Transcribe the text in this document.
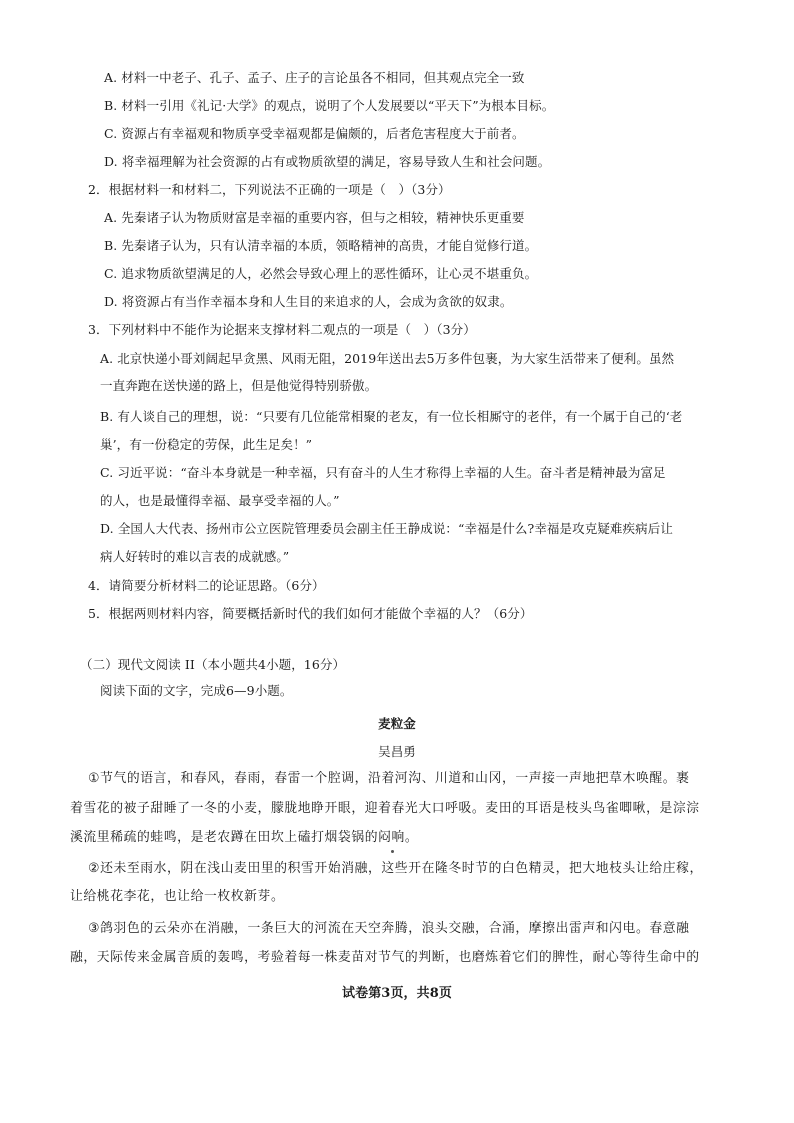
A. 材料一中老子、孔子、孟子、庄子的言论虽各不相同，但其观点完全一致
B. 材料一引用《礼记·大学》的观点，说明了个人发展要以“平天下”为根本目标。
C. 资源占有幸福观和物质享受幸福观都是偏颇的，后者危害程度大于前者。
D. 将幸福理解为社会资源的占有或物质欲望的满足，容易导致人生和社会问题。
2．根据材料一和材料二，下列说法不正确的一项是（　）（3分）
A. 先秦诸子认为物质财富是幸福的重要内容，但与之相较，精神快乐更重要
B. 先秦诸子认为，只有认清幸福的本质，领略精神的高贵，才能自觉修行道。
C. 追求物质欲望满足的人，必然会导致心理上的恶性循环，让心灵不堪重负。
D. 将资源占有当作幸福本身和人生目的来追求的人，会成为贪欲的奴隶。
3．下列材料中不能作为论据来支撑材料二观点的一项是（　）（3分）
A. 北京快递小哥刘阔起早贪黑、风雨无阻，2019年送出去5万多件包裹，为大家生活带来了便利。虽然
一直奔跑在送快递的路上，但是他觉得特别骄傲。
B. 有人谈自己的理想，说：“只要有几位能常相聚的老友，有一位长相厮守的老伴，有一个属于自己的‘老
巢’，有一份稳定的劳保，此生足矣！”
C. 习近平说：“奋斗本身就是一种幸福，只有奋斗的人生才称得上幸福的人生。奋斗者是精神最为富足
的人，也是最懂得幸福、最享受幸福的人。”
D. 全国人大代表、扬州市公立医院管理委员会副主任王静成说：“幸福是什么?幸福是攻克疑难疾病后让
病人好转时的难以言表的成就感。”
4．请简要分析材料二的论证思路。（6分）
5．根据两则材料内容，简要概括新时代的我们如何才能做个幸福的人？（6分）
（二）现代文阅读 II（本小题共4小题，16分）
阅读下面的文字，完成6—9小题。
麦粒金
吴昌勇
①节气的语言，和春风，春雨，春雷一个腔调，沿着河沟、川道和山冈，一声接一声地把草木唤醒。裹
着雪花的被子甜睡了一冬的小麦，朦胧地睁开眼，迎着春光大口呼吸。麦田的耳语是枝头鸟雀唧啾，是淙淙
溪流里稀疏的蛙鸣，是老农蹲在田坎上磕打烟袋锅的闷响。
②还未至雨水，阴在浅山麦田里的积雪开始消融，这些开在隆冬时节的白色精灵，把大地枝头让给庄稼，
让给桃花李花，也让给一枚枚新芽。
③鸽羽色的云朵亦在消融，一条巨大的河流在天空奔腾，浪头交融，合涌，摩擦出雷声和闪电。春意融
融，天际传来金属音质的轰鸣，考验着每一株麦苗对节气的判断，也磨炼着它们的脾性，耐心等待生命中的
试卷第3页，共8页
